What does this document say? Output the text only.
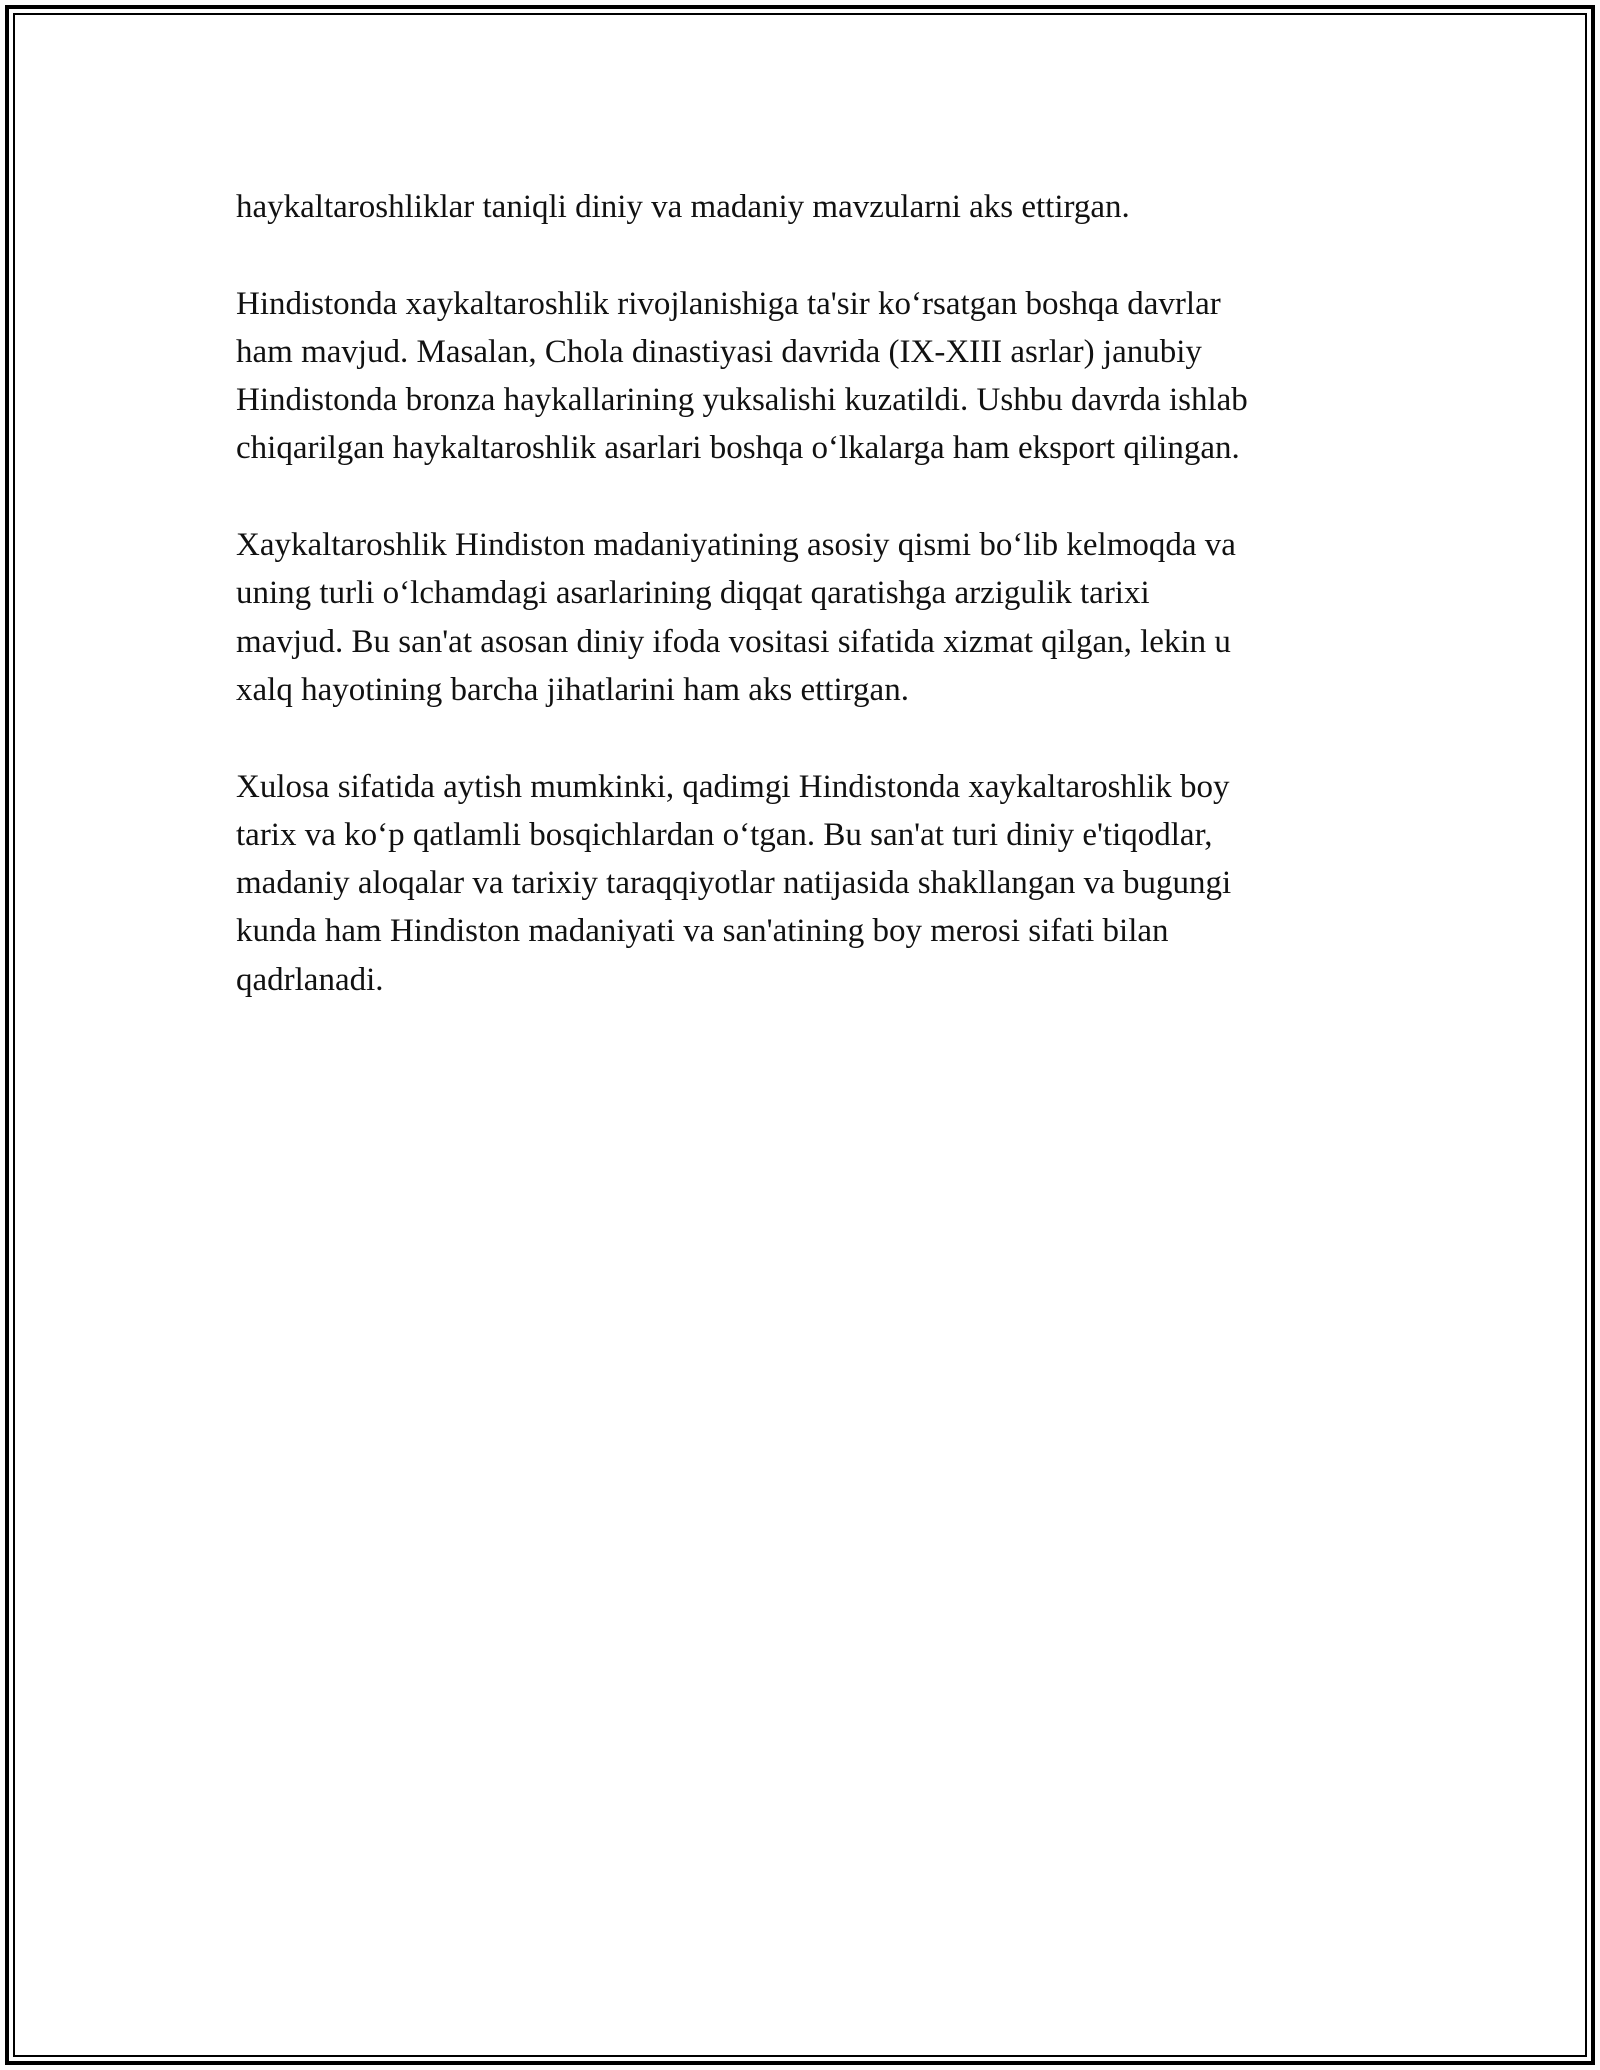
haykaltaroshliklar taniqli diniy va madaniy mavzularni aks ettirgan.

Hindistonda xaykaltaroshlik rivojlanishiga ta'sir ko‘rsatgan boshqa davrlar
ham mavjud. Masalan, Chola dinastiyasi davrida (IX-XIII asrlar) janubiy
Hindistonda bronza haykallarining yuksalishi kuzatildi. Ushbu davrda ishlab
chiqarilgan haykaltaroshlik asarlari boshqa o‘lkalarga ham eksport qilingan.

Xaykaltaroshlik Hindiston madaniyatining asosiy qismi bo‘lib kelmoqda va
uning turli o‘lchamdagi asarlarining diqqat qaratishga arzigulik tarixi
mavjud. Bu san'at asosan diniy ifoda vositasi sifatida xizmat qilgan, lekin u
xalq hayotining barcha jihatlarini ham aks ettirgan.

Xulosa sifatida aytish mumkinki, qadimgi Hindistonda xaykaltaroshlik boy
tarix va ko‘p qatlamli bosqichlardan o‘tgan. Bu san'at turi diniy e'tiqodlar,
madaniy aloqalar va tarixiy taraqqiyotlar natijasida shakllangan va bugungi
kunda ham Hindiston madaniyati va san'atining boy merosi sifati bilan
qadrlanadi.
